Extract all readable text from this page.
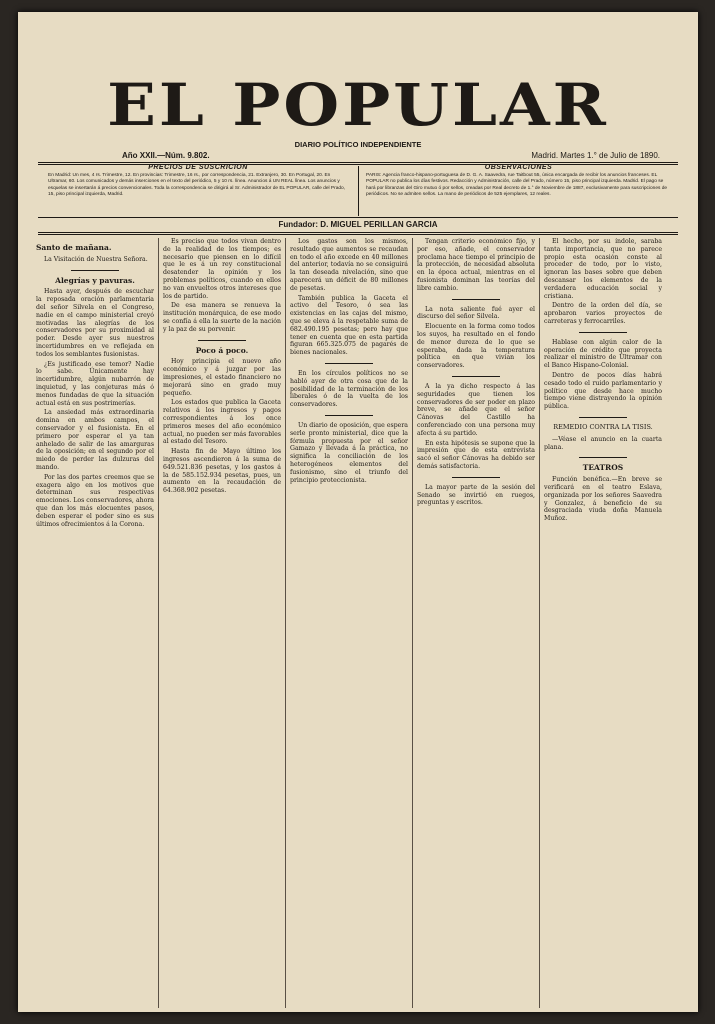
EL POPULAR
DIARIO POLÍTICO INDEPENDIENTE
Año XXII.—Núm. 9.802.	Madrid. Martes 1.° de Julio de 1890.
PRECIOS DE SUSCRICION
En Madrid: Un mes, 4 rs. Trimestre, 12. En provincias: Trimestre, 16 rs., por correspondencia, 21. Extranjero, 30. En Portugal, 20. En Ultramar, 60. Los comunicados y demás inserciones en el texto del periódico, 5 y 10 rs. línea. Anuncios á UN REAL línea. Los anuncios y esquelas se insertarán á precios convencionales. Toda la correspondencia se dirigirá al Sr. Administrador de EL POPULAR, calle del Prado, 15, piso principal izquierda, Madrid.
OBSERVACIONES
PARIS: Agencia franco-hispano-portuguesa de D. G. A. Saavedra, rue Taitbout 55, única encargada de recibir los anuncios franceses. EL POPULAR no publica los días festivos. Redacción y Administración, calle del Prado, número 15, piso principal izquierda. Madrid. El pago se hará por libranzas del Giro mutuo ó por sellos, creadas por Real decreto de 1.° de Noviembre de 1887, exclusivamente para suscripciones de periódicos. No se admiten sellos. La mano de periódicos de 525 ejemplares, 12 reales.
Fundador: D. MIGUEL PERILLAN GARCIA

Santo de mañana.

La Visitación de Nuestra Señora.

Alegrías y pavuras.

Hasta ayer, después de escuchar la reposada oración parlamentaria del señor Silvela en el Congreso, nadie en el campo ministerial creyó motivadas las alegrías de los conservadores por su proximidad al poder. Desde ayer sus nuestros incertidumbres en ve reflejada en todos los semblantes fusionistas.

¿Es justificado ese temor? Nadie lo sabe. Únicamente hay incertidumbre, algún nubarrón de inquietud, y las conjeturas más ó menos fundadas de que la situación actual está en sus postrimerías.

La ansiedad más extraordinaria domina en ambos campos, el conservador y el fusionista. En el primero por esperar el ya tan anhelado de salir de las amarguras de la oposición; en el segundo por el miedo de perder las dulzuras del mando.

Por las dos partes creemos que se exagera algo en los motivos que determinan sus respectivas emociones. Los conservadores, ahora que dan los más elocuentes pasos, deben esperar el poder sino es sus últimos ofrecimientos á la Corona.

Es preciso que todos vivan dentro de la realidad de los tiempos; es necesario que piensen en lo difícil que le es á un rey constitucional desatender la opinión y los problemas políticos, cuando en ellos no van envueltos otros intereses que los de partido.

De esa manera se renueva la institución monárquica, de ese modo se confía á ella la suerte de la nación y la paz de su porvenir.

Poco á poco.

Hoy principia el nuevo año económico y á juzgar por las impresiones, el estado financiero no mejorará sino en grado muy pequeño.

Los estados que publica la Gaceta relativos á los ingresos y pagos correspondientes á los once primeros meses del año económico actual, no pueden ser más favorables al estado del Tesoro.

Hasta fin de Mayo último los ingresos ascendieron á la suma de 649.521.836 pesetas, y los gastos á la de 585.152.934 pesetas, pues, un aumento en la recaudación de 64.368.902 pesetas.

Los gastos son los mismos, resultado que aumentos se recaudan en todo el año excede en 40 millones del anterior, todavía no se consiguirá la tan deseada nivelación, sino que aparecerá un déficit de 80 millones de pesetas.

También publica la Gaceta el activo del Tesoro, ó sea las existencias en las cajas del mismo, que se eleva á la respetable suma de 682.490.195 pesetas; pero hay que tener en cuenta que en esta partida figuran 665.325.075 de pagarés de bienes nacionales.

En los círculos políticos no se habló ayer de otra cosa que de la posibilidad de la terminación de los liberales ó de la vuelta de los conservadores.

Un diario de oposición, que espera serle pronto ministerial, dice que la fórmula propuesta por el señor Gamazo y llevada á la práctica, no significa la conciliación de los heterogéneos elementos del fusionismo, sino el triunfo del principio proteccionista.

Tengan criterio económico fijo, y por eso, añade, el conservador proclama hace tiempo el principio de la protección, de necesidad absoluta en la época actual, mientras en el fusionista dominan las teorías del libre cambio.

La nota saliente fué ayer el discurso del señor Silvela.

Elocuente en la forma como todos los suyos, ha resultado en el fondo de menor dureza de lo que se esperaba, dada la temperatura política en que vivían los conservadores.

A la ya dicho respecto á las seguridades que tienen los conservadores de ser poder en plazo breve, se añade que el señor Cánovas del Castillo ha conferenciado con una persona muy afecta á su partido.

En esta hipótesis se supone que la impresión que de esta entrevista sacó el señor Cánovas ha debido ser demás satisfactoria.

La mayor parte de la sesión del Senado se invirtió en ruegos, preguntas y escritos.

El hecho, por su índole, saraba tanta importancia, que no parece propio esta ocasión conste al proceder de todo, por lo visto, ignoran las bases sobre que deben descansar los elementos de la verdadera educación social y cristiana.

Dentro de la orden del día, se aprobaron varios proyectos de carreteras y ferrocarriles.

Hablase con algún calor de la operación de crédito que proyecta realizar el ministro de Ultramar con el Banco Hispano-Colonial.

Dentro de pocos días habrá cesado todo el ruido parlamentario y político que desde hace mucho tiempo viene distrayendo la opinión pública.

REMEDIO CONTRA LA TISIS.

—Véase el anuncio en la cuarta plana.

TEATROS

Función benéfica.—En breve se verificará en el teatro Eslava, organizada por los señores Saavedra y Gonzalez, á beneficio de su desgraciada viuda doña Manuela Muñoz.
